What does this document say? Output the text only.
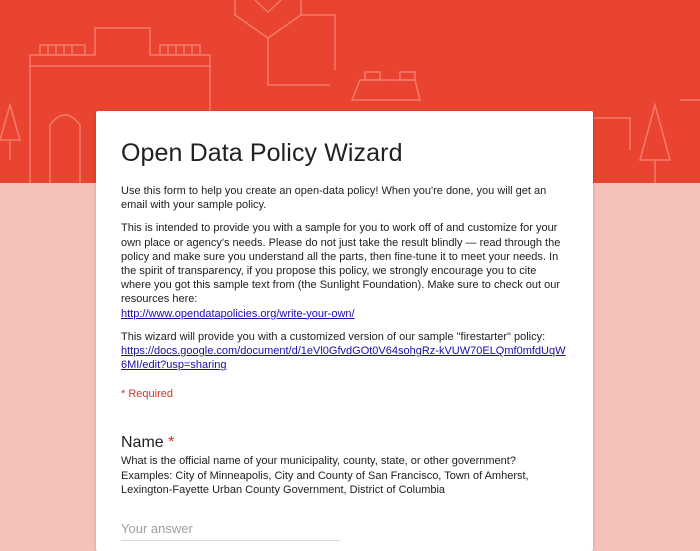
Open Data Policy Wizard

Use this form to help you create an open-data policy! When you're done, you will get an email with your sample policy.

This is intended to provide you with a sample for you to work off of and customize for your own place or agency's needs. Please do not just take the result blindly — read through the policy and make sure you understand all the parts, then fine-tune it to meet your needs. In the spirit of transparency, if you propose this policy, we strongly encourage you to cite where you got this sample text from (the Sunlight Foundation). Make sure to check out our resources here:
http://www.opendatapolicies.org/write-your-own/

This wizard will provide you with a customized version of our sample "firestarter" policy:
https://docs.google.com/document/d/1eVl0GfvdGOt0V64sohgRz-kVUW70ELQmf0mfdUqW6MI/edit?usp=sharing

* Required
Name *
What is the official name of your municipality, county, state, or other government? Examples: City of Minneapolis, City and County of San Francisco, Town of Amherst, Lexington-Fayette Urban County Government, District of Columbia
Your answer
